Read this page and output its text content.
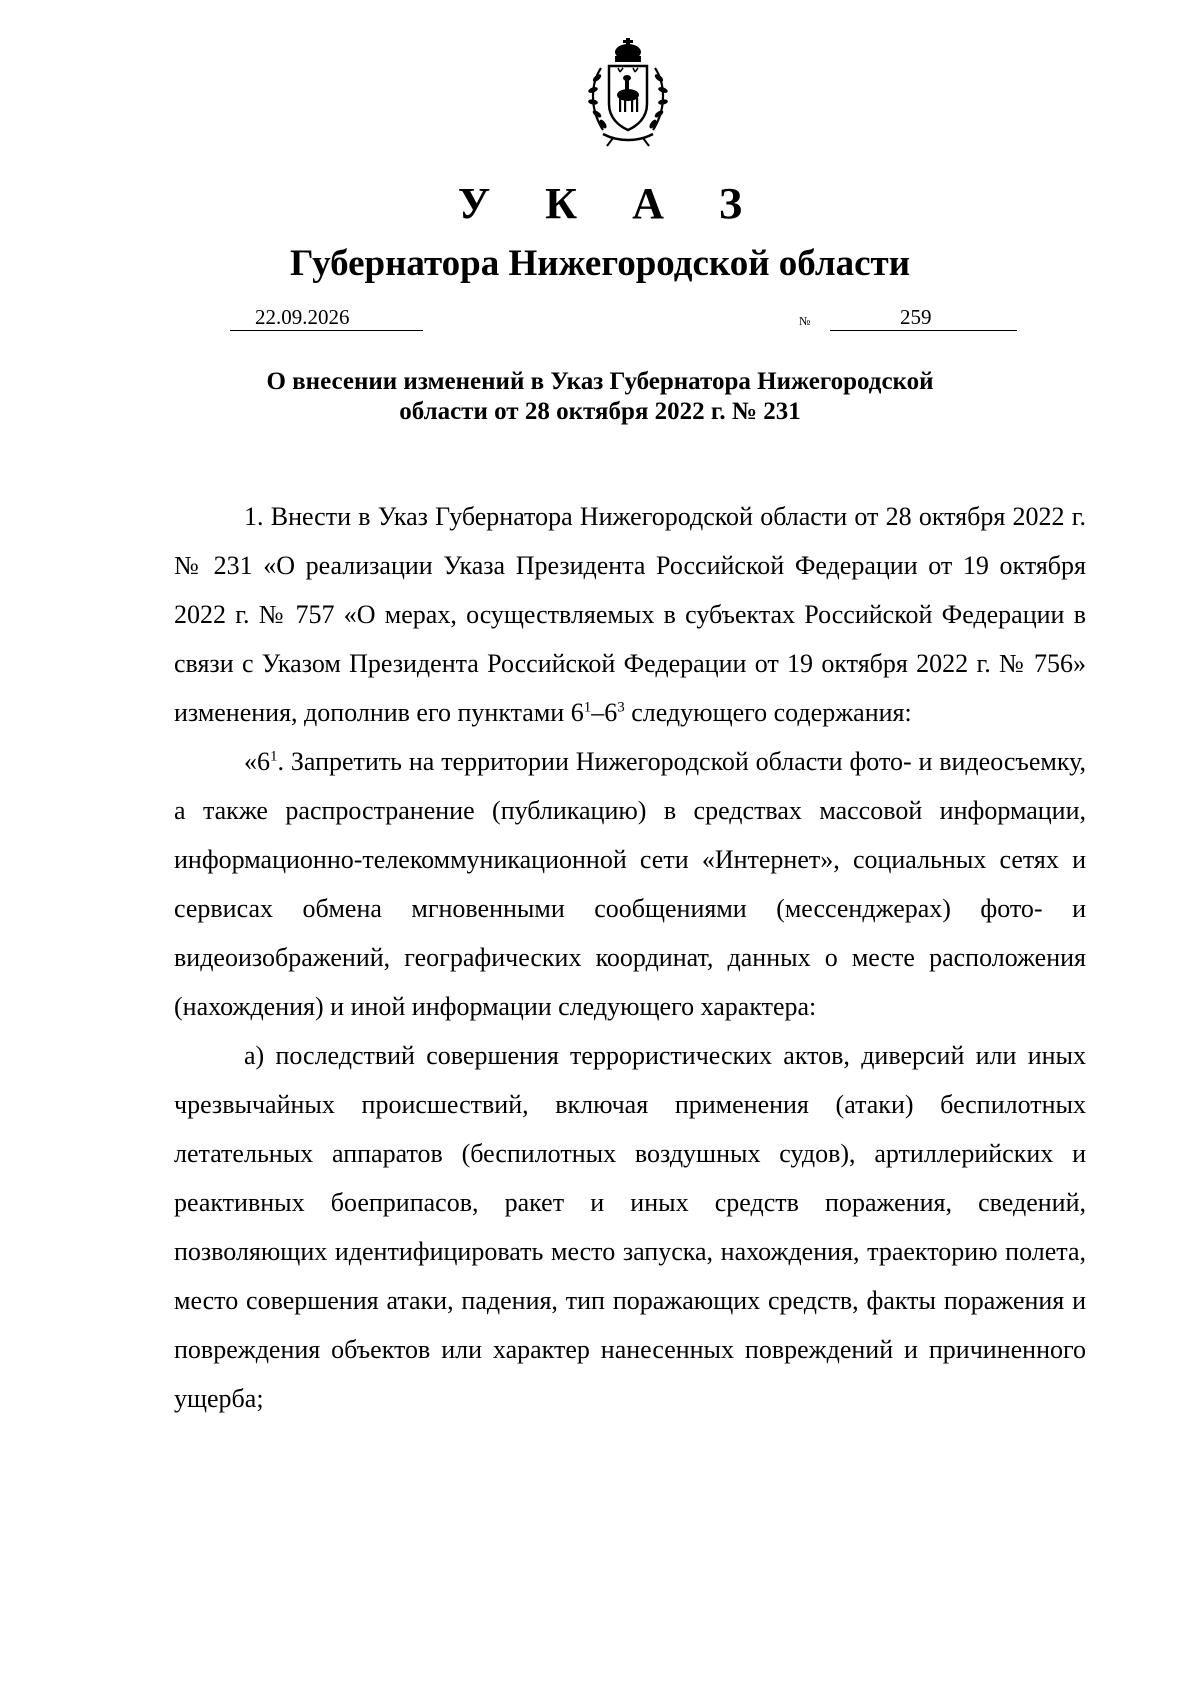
У К А З
Губернатора Нижегородской области
22.09.2026	№	259
О внесении изменений в Указ Губернатора Нижегородской
области от 28 октября 2022 г. № 231

1. Внести в Указ Губернатора Нижегородской области от 28 октября 2022 г. № 231 «О реализации Указа Президента Российской Федерации от 19 октября 2022 г. № 757 «О мерах, осуществляемых в субъектах Российской Федерации в связи с Указом Президента Российской Федерации от 19 октября 2022 г. № 756» изменения, дополнив его пунктами $6^1-6^3$ следующего содержания:

«$6^1$. Запретить на территории Нижегородской области фото- и видеосъемку, а также распространение (публикацию) в средствах массовой информации, информационно-телекоммуникационной сети «Интернет», социальных сетях и сервисах обмена мгновенными сообщениями (мессенджерах) фото- и видеоизображений, географических координат, данных о месте расположения (нахождения) и иной информации следующего характера:

а) последствий совершения террористических актов, диверсий или иных чрезвычайных происшествий, включая применения (атаки) беспилотных летательных аппаратов (беспилотных воздушных судов), артиллерийских и реактивных боеприпасов, ракет и иных средств поражения, сведений, позволяющих идентифицировать место запуска, нахождения, траекторию полета, место совершения атаки, падения, тип поражающих средств, факты поражения и повреждения объектов или характер нанесенных повреждений и причиненного ущерба;
